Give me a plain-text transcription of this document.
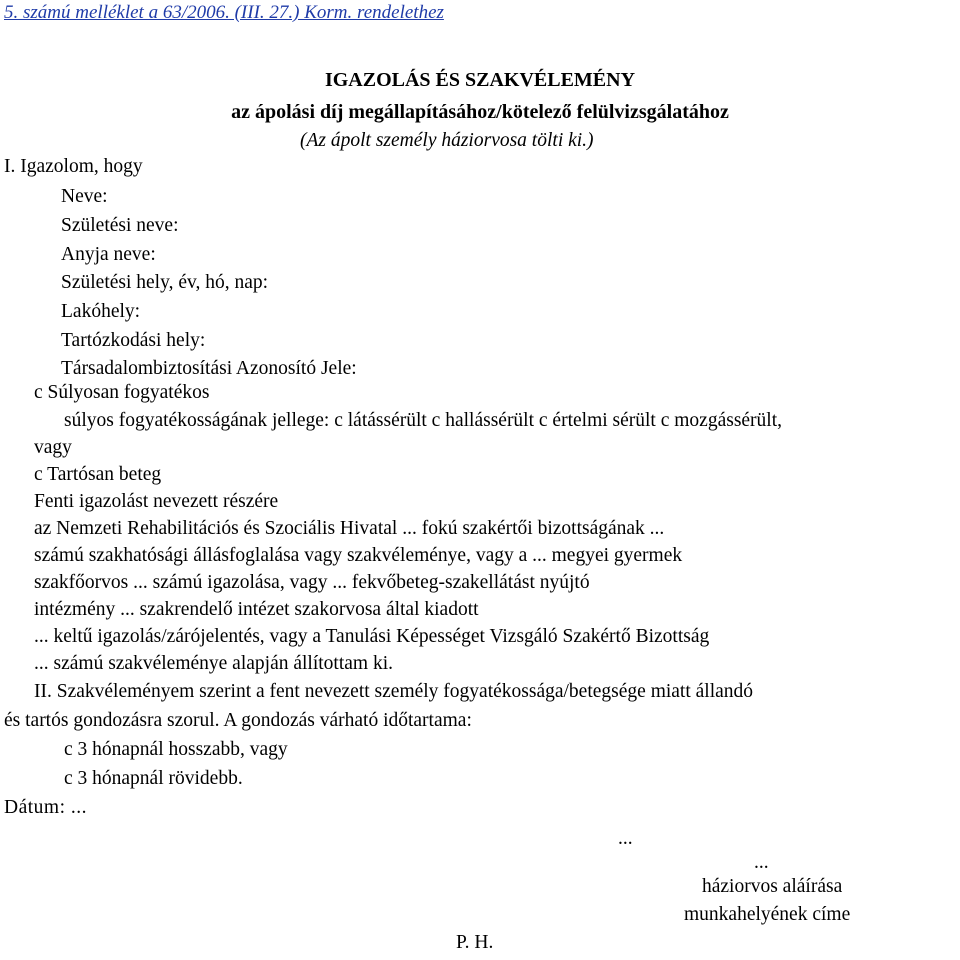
5. számú melléklet a 63/2006. (III. 27.) Korm. rendelethez
IGAZOLÁS ÉS SZAKVÉLEMÉNY
az ápolási díj megállapításához/kötelező felülvizsgálatához
(Az ápolt személy háziorvosa tölti ki.)
I. Igazolom, hogy
Neve:
Születési neve:
Anyja neve:
Születési hely, év, hó, nap:
Lakóhely:
Tartózkodási hely:
Társadalombiztosítási Azonosító Jele:
c Súlyosan fogyatékos
súlyos fogyatékosságának jellege: c látássérült c hallássérült c értelmi sérült c mozgássérült,
vagy
c Tartósan beteg
Fenti igazolást nevezett részére
az Nemzeti Rehabilitációs és Szociális Hivatal ... fokú szakértői bizottságának ...
számú szakhatósági állásfoglalása vagy szakvéleménye, vagy a ... megyei gyermek
szakfőorvos ... számú igazolása, vagy ... fekvőbeteg-szakellátást nyújtó
intézmény ... szakrendelő intézet szakorvosa által kiadott
... keltű igazolás/zárójelentés, vagy a Tanulási Képességet Vizsgáló Szakértő Bizottság
... számú szakvéleménye alapján állítottam ki.
II. Szakvéleményem szerint a fent nevezett személy fogyatékossága/betegsége miatt állandó
és tartós gondozásra szorul. A gondozás várható időtartama:
c 3 hónapnál hosszabb, vagy
c 3 hónapnál rövidebb.
Dátum: ...
...
...
háziorvos aláírása
munkahelyének címe
P. H.
